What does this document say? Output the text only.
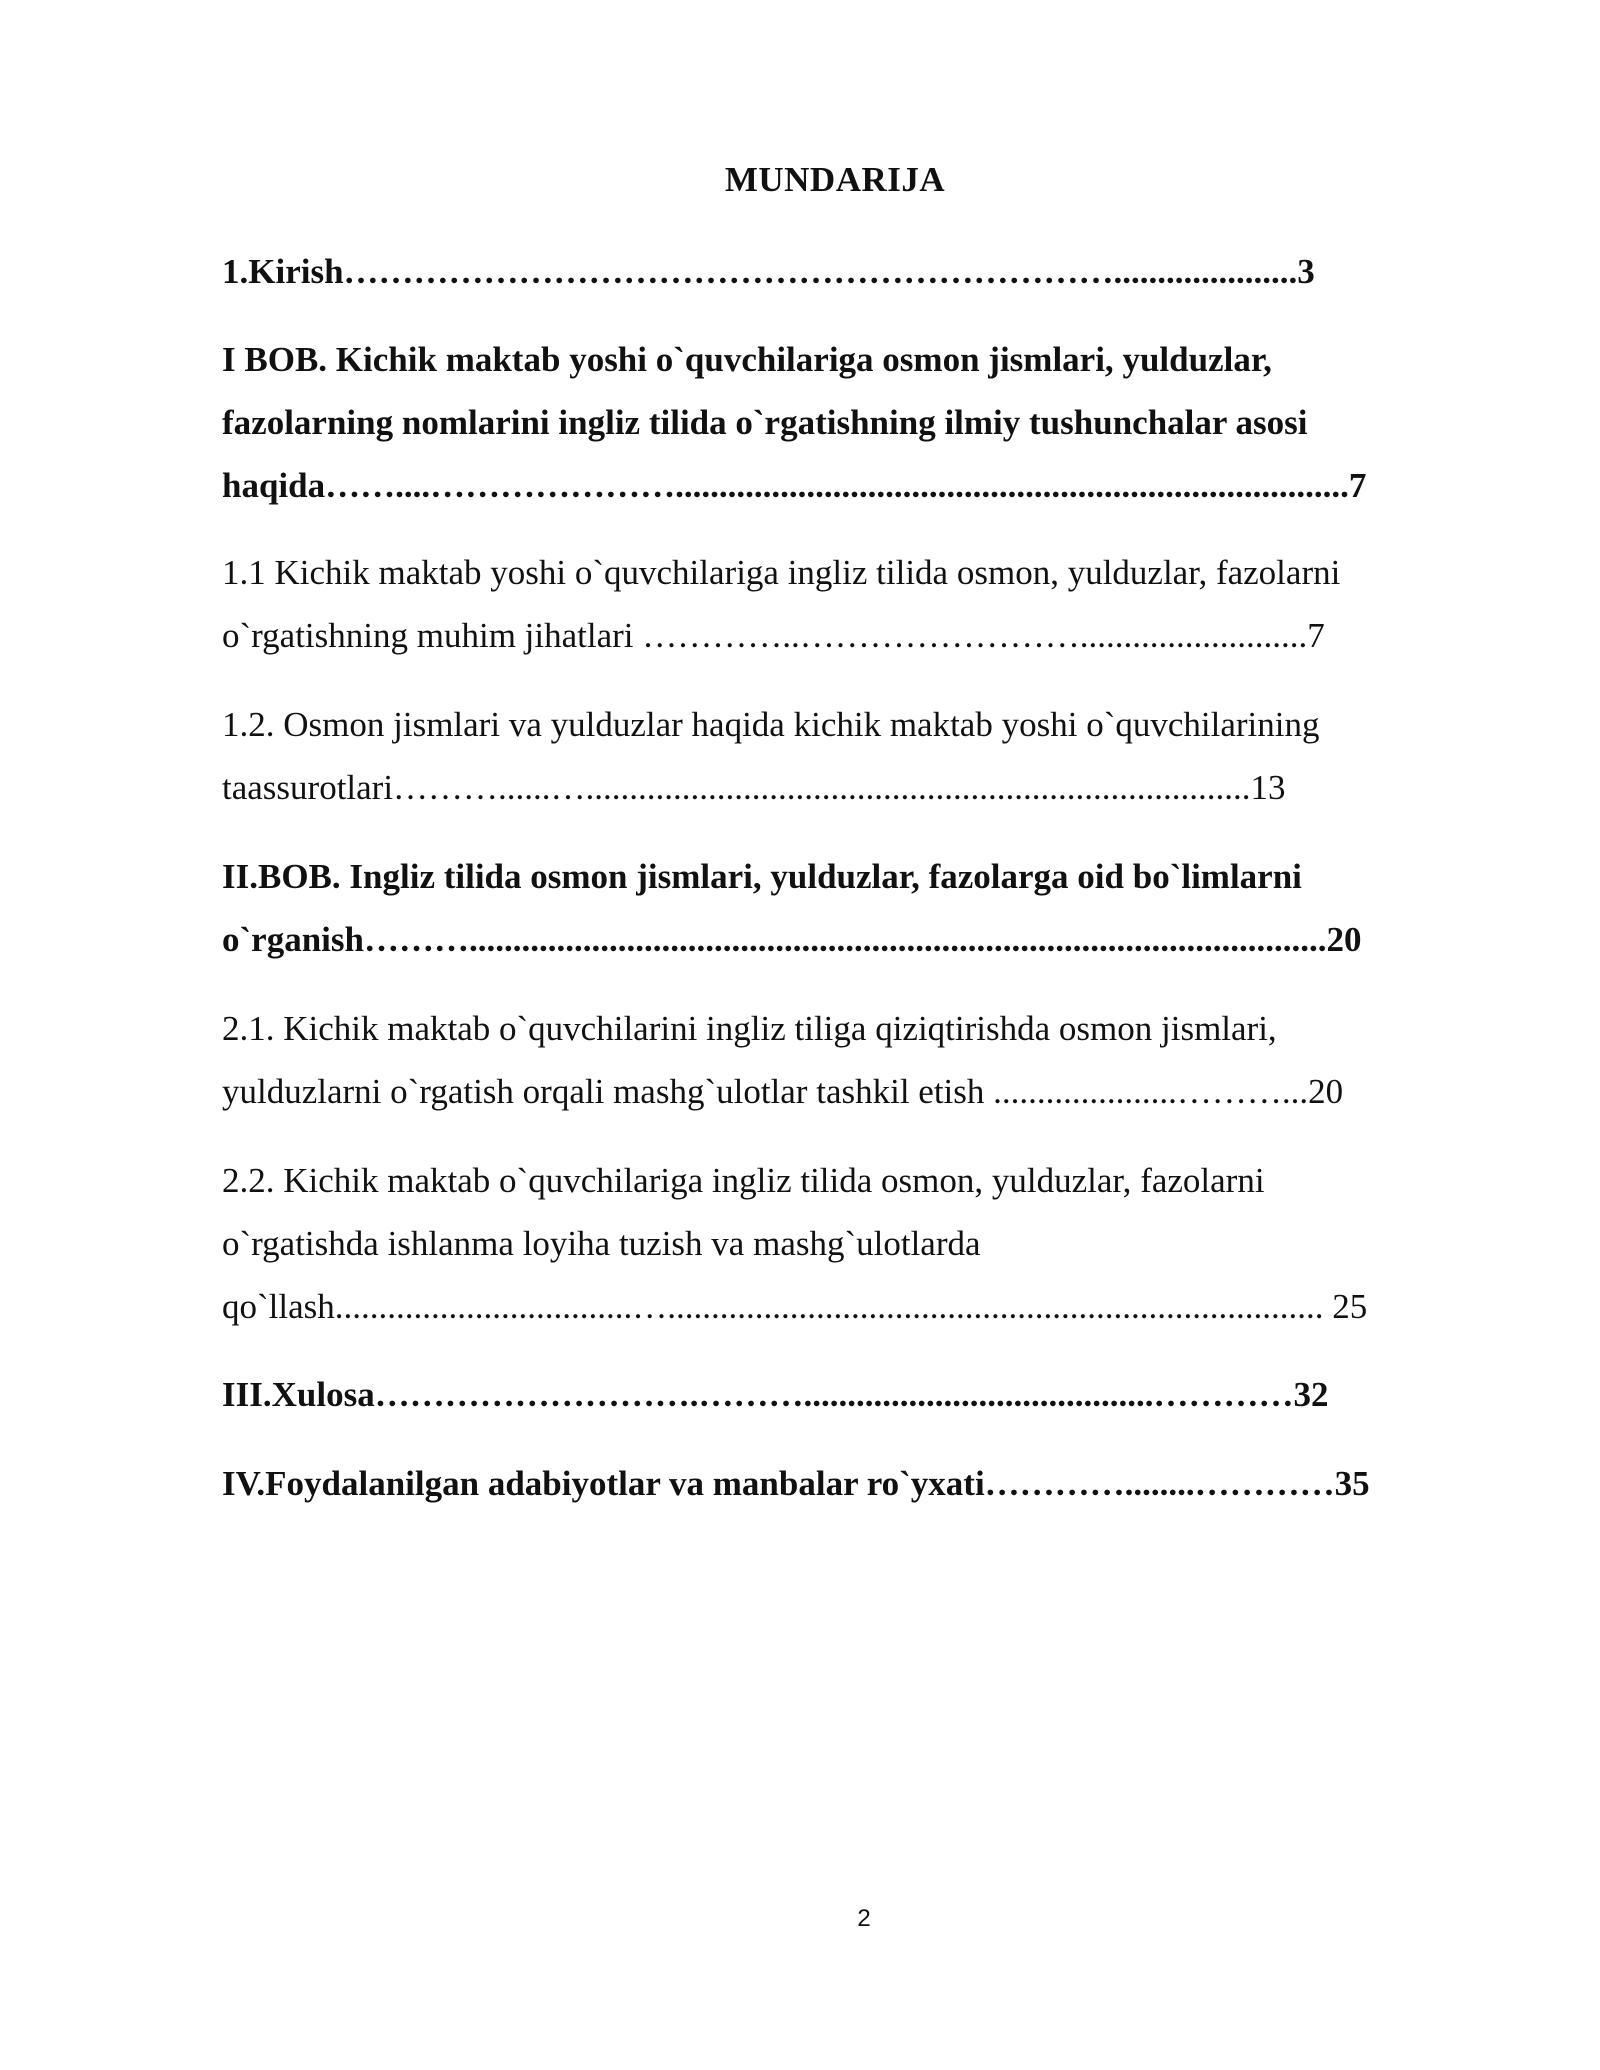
MUNDARIJA
1.Kirish………………………………………………………….....................3
I BOB. Kichik maktab yoshi o`quvchilariga osmon jismlari, yulduzlar,
fazolarning nomlarini ingliz tilida o`rgatishning ilmiy tushunchalar asosi
haqida……....………………….............................................................................7
1.1 Kichik maktab yoshi o`quvchilariga ingliz tilida osmon, yulduzlar, fazolarni
o`rgatishning muhim jihatlari …………..……………………..........................7
1.2. Osmon jismlari va yulduzlar haqida kichik maktab yoshi o`quvchilarining
taassurotlari………......…............................................................................13
II.BOB. Ingliz tilida osmon jismlari, yulduzlar, fazolarga oid bo`limlarni
o`rganish………..................................................................................................20
2.1. Kichik maktab o`quvchilarini ingliz tiliga qiziqtirishda osmon jismlari,
yulduzlarni o`rgatish orqali mashg`ulotlar tashkil etish .....................………...20
2.2. Kichik maktab o`quvchilariga ingliz tilida osmon, yulduzlar, fazolarni
o`rgatishda ishlanma loyiha tuzish va mashg`ulotlarda
qo`llash..................................…........................................................................... 25
III.Xulosa……………………….………........................................…………32
IV.Foydalanilgan adabiyotlar va manbalar ro`yxati…………........…………35
2
